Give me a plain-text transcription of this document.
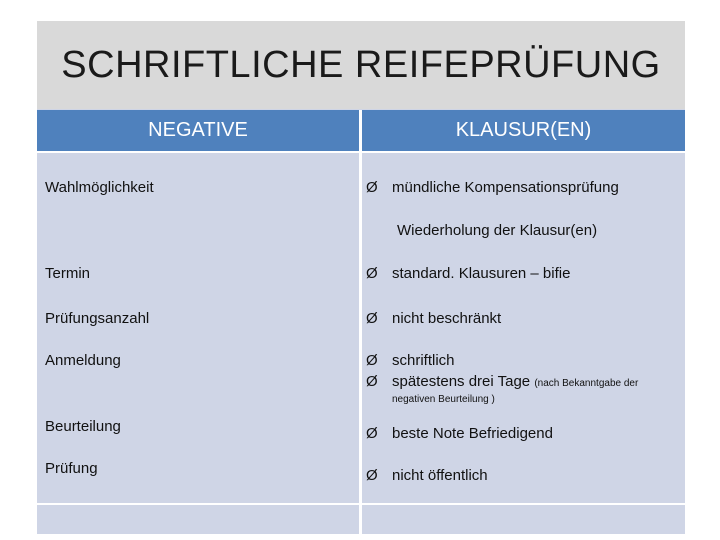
SCHRIFTLICHE REIFEPRÜFUNG
NEGATIVE	KLAUSUR(EN)
Wahlmöglichkeit	Ø mündliche Kompensationsprüfung
Wiederholung der Klausur(en)
Termin	Ø standard. Klausuren – bifie
Prüfungsanzahl	Ø nicht beschränkt
Anmeldung	Ø schriftlich
Ø spätestens drei Tage (nach Bekanntgabe der
negativen Beurteilung )
Beurteilung	Ø beste Note Befriedigend
Prüfung	Ø nicht öffentlich
